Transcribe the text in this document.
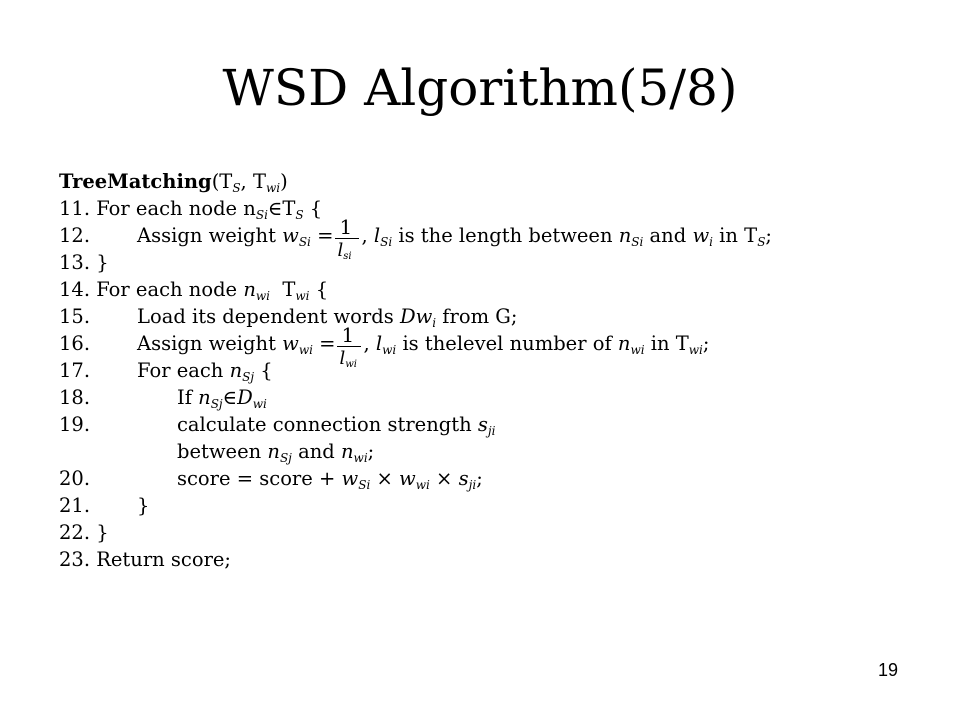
WSD Algorithm(5/8)
$TreeMatching(T_S$, $T_{wi}$)
11. For each node $n_{Si}\in T_S$ {
12. Assign weight $w_{Si} = \frac{1}{l_{si}}$ , $l_{Si}$ is the length between $n_{Si}$ and $w_i$ in $T_S$;
13. }
14. For each node $n_{wi}$  $T_{wi}$ {
15. Load its dependent words $Dw_i$ from G;
16. Assign weight $w_{wi} = \frac{1}{l_{wi}}$ , $l_{wi}$ is thelevel number of $n_{wi}$ in $T_{wi}$;
17. For each $n_{Sj}$ {
18.	If $n_{Sj}\in D_{wi}$
19.	calculate connection strength $s_{ji}$
between $n_{Sj}$ and $n_{wi}$;
20.	score = score + $w_{Si} \times w_{wi} \times s_{ji}$;
21. }
22. }
23. Return score;
19
